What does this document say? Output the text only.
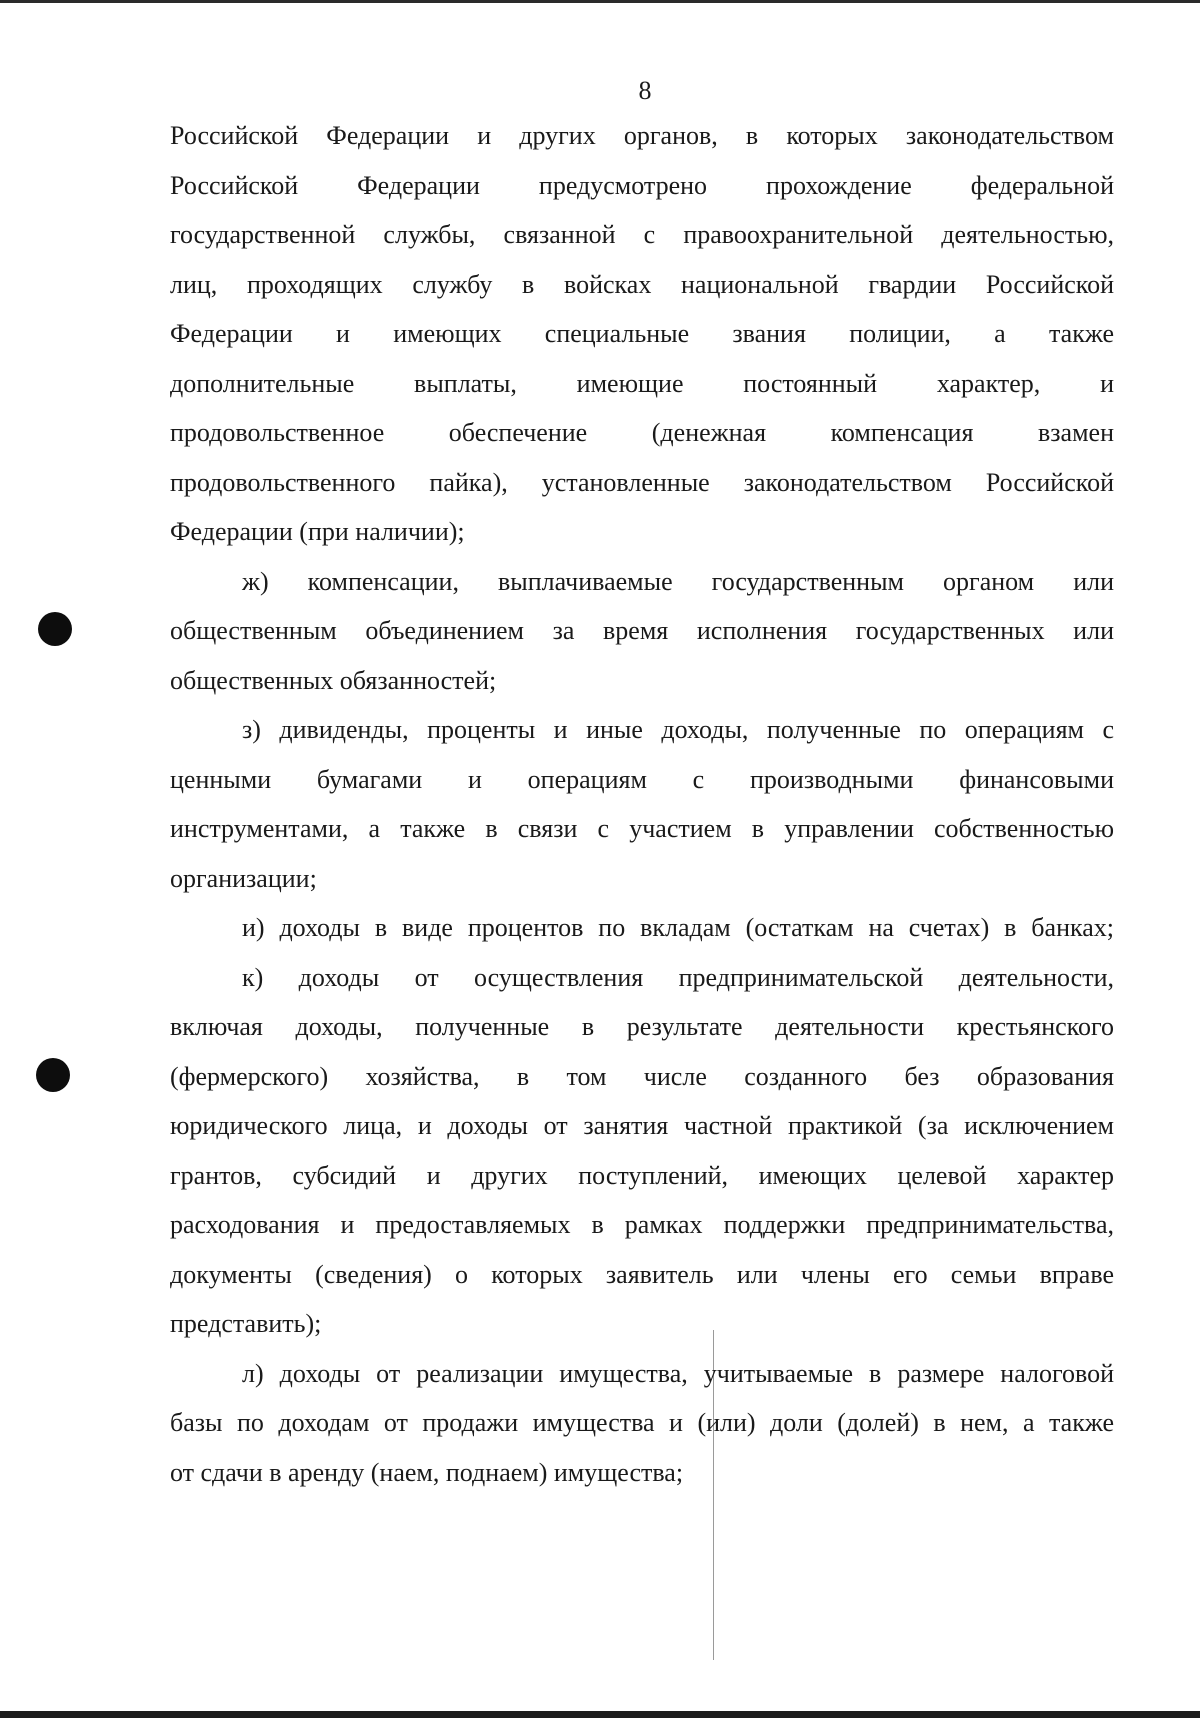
8
Российской Федерации и других органов, в которых законодательством
Российской Федерации предусмотрено прохождение федеральной
государственной службы, связанной с правоохранительной деятельностью,
лиц, проходящих службу в войсках национальной гвардии Российской
Федерации и имеющих специальные звания полиции, а также
дополнительные выплаты, имеющие постоянный характер, и
продовольственное обеспечение (денежная компенсация взамен
продовольственного пайка), установленные законодательством Российской
Федерации (при наличии);
ж) компенсации, выплачиваемые государственным органом или
общественным объединением за время исполнения государственных или
общественных обязанностей;
з) дивиденды, проценты и иные доходы, полученные по операциям с
ценными бумагами и операциям с производными финансовыми
инструментами, а также в связи с участием в управлении собственностью
организации;
и) доходы в виде процентов по вкладам (остаткам на счетах) в банках;
к) доходы от осуществления предпринимательской деятельности,
включая доходы, полученные в результате деятельности крестьянского
(фермерского) хозяйства, в том числе созданного без образования
юридического лица, и доходы от занятия частной практикой (за исключением
грантов, субсидий и других поступлений, имеющих целевой характер
расходования и предоставляемых в рамках поддержки предпринимательства,
документы (сведения) о которых заявитель или члены его семьи вправе
представить);
л) доходы от реализации имущества, учитываемые в размере налоговой
базы по доходам от продажи имущества и (или) доли (долей) в нем, а также
от сдачи в аренду (наем, поднаем) имущества;
